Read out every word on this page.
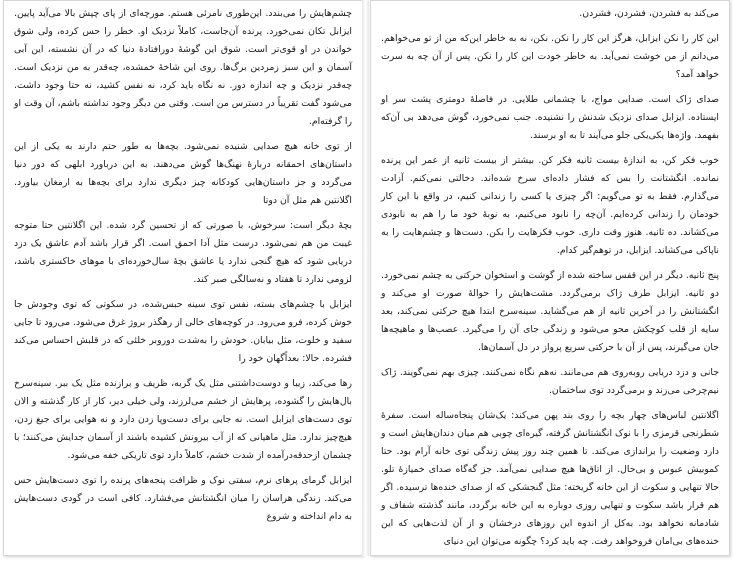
چشم‌هایش را می‌بندد. این‌طوری نامرئی هستم. مورچه‌ای از پای چپش بالا می‌آید پایین. ایزابل تکان نمی‌خورد. پرنده آن‌جاست، کاملاً نزدیک او. خطر را حس کرده، ولی شوق خواندن در او قوی‌تر است. شوق این گوشهٔ دورافتادهٔ دنیا که در آن نشسته، این آبی آسمان و این سبز زمردین برگ‌ها. روی این شاخهٔ خمشده، چه‌قدر به من نزدیک است. چه‌قدر نزدیک و چه اندازه دور. نه نگاه باید کرد، نه نفس کشید، نه حتا وجود داشت. می‌شود گفت تقریباً در دسترس من است. وقتی من دیگر وجود نداشته باشم، آن وقت او را گرفته‌ام.

از توی خانه هیچ صدایی شنیده نمی‌شود. بچه‌ها به طور حتم دارند به یکی از این داستان‌های احمقانه دربارهٔ نهنگ‌ها گوش می‌دهند. به این درباورد ابلهی که دور دنیا می‌گردد و جز داستان‌هایی کودکانه چیز دیگری ندارد برای بچه‌ها به ارمغان بیاورد. اگلانتین هم مثل آن دوتا

بچهٔ دیگر است: سرخوش، با صورتی که از تحسین گرد شده. این اگلانتین حتا متوجه غیبت من هم نمی‌شود. درست مثل آدا احمق است. اگر قرار باشد آدم عاشق یک دزد دریایی شود که هیچ گنجی ندارد یا عاشق بچهٔ سال‌خورده‌ای با موهای خاکستری باشد، لزومی ندارد تا هفتاد و نه‌سالگی صبر کند.

ایزابل با چشم‌های بسته، نفس توی سینه حبس‌شده، در سکوتی که توی وجودش جا خوش کرده، فرو می‌رود. در کوچه‌های خالی از رهگذر بروژ غرق می‌شود. می‌رود تا جایی سفید و خلوت، مثل بیابان. خودش را به‌شدت دوروبر خلئی که در قلبش احساس می‌کند فشرده. حالا: بعداًگهان خود را

رها می‌کند، زیبا و دوست‌داشتنی مثل یک گربه، ظریف و برازنده مثل یک ببر. سینه‌سرخ بال‌هایش را گشوده، پرهایش از خشم می‌لرزند، ولی خیلی دیر، کار از کار گذشته و الان توی دست‌های ایزابل است. نه جایی برای دست‌وپا زدن دارد و نه هوایی برای جیغ زدن، هیچ‌چیز ندارد. مثل ماهیانی که از آب بیرونش کشیده باشند از آسمان جدایش می‌کنند؛ با چشمان ازحدقه‌درآمده از شدت خشم، کاملاً دارد توی تاریکی خفه می‌شود.

ایزابل گرمای پرهای نرم، سفتی نوک و ظرافت پنجه‌های پرنده را توی دست‌هایش حس می‌کند. زندگی هراسان را میان انگشتانش می‌فشارد. کافی است در گودی دست‌هایش به دام انداخته و شروع

می‌کند به فشردن، فشردن، فشردن.

این کار را نکن ایزابل، هرگز این کار را نکن. نکن، نه به خاطر این‌که من از تو می‌خواهم. می‌دانم از من خوشت نمی‌آید. به خاطر خودت این کار را نکن. پس از آن چه به سرت خواهد آمد؟

صدای ژاک است. صدایی مواج، با چشمانی طلایی. در فاصلهٔ دومتری پشت سر او ایستاده. ایزابل صدای نزدیک شدنش را نشنیده. جنب نمی‌خورد، گوش می‌دهد بی آن‌که بفهمد. واژه‌ها یکی‌یکی جلو می‌آیند تا به او برسند.

خوب فکر کن، به اندازهٔ بیست ثانیه فکر کن. بیشتر از بیست ثانیه از عمر این پرنده نمانده. انگشتانت را بس که فشار داده‌ای سرخ شده‌اند. دخالتی نمی‌کنم. آزادت می‌گذارم. فقط به تو می‌گویم: اگر چیزی یا کسی را زندانی کنیم، در واقع با این کار خودمان را زندانی کرده‌ایم. آن‌چه را نابود می‌کنیم، به نوبهٔ خود ما را هم به نابودی می‌کشاند. ده ثانیه. هنوز وقت داری. خوب فکرهایت را بکن. دست‌ها و چشم‌هایت را به ناپاکی می‌کشاند. ایزابل، در توهم‌گیر کدام.

پنج ثانیه. دیگر در این قفس ساخته شده از گوشت و استخوان حرکتی به چشم نمی‌خورد. دو ثانیه. ایزابل طرف ژاک برمی‌گردد. مشت‌هایش را حوالهٔ صورت او می‌کند و انگشتانش را در آخرین ثانیه از هم می‌گشاید. سینه‌سرخ ابتدا هیچ حرکتی نمی‌کند، بعد سایه از قلب کوچکش محو می‌شود و زندگی جای آن را می‌گیرد. عصب‌ها و ماهیچه‌ها جان می‌گیرند، پس از آن با حرکتی سریع پرواز در دل آسمان‌ها.

جانی و دزد دریایی روبه‌روی هم می‌مانند. نه‌هم نگاه نمی‌کنند. چیزی بهم نمی‌گویند. ژاک نیم‌چرخی می‌زند و برمی‌گردد توی ساختمان.

اگلانتین لباس‌های چهار بچه را روی بند پهن می‌کند: یک‌شان پنجاه‌ساله است. سفرهٔ شطرنجی قرمزی را با نوک انگشتانش گرفته، گیره‌ای چوبی هم میان دندان‌هایش است و دارد وضعیت را براندازی می‌کند. تا همین چند روز پیش زندگی توی خانه آرام بود. حتا کموبیش عبوس و بی‌حال. از اتاق‌ها هیچ صدایی نمی‌آمد. جز گه‌گاه صدای خمیازهٔ تلو. حالا تنهایی و سکوت از این خانه گریخته‌: مثل گنجشکی که از صدای خنده‌ها ترسیده. اگر هم قرار باشد سکوت و تنهایی روزی دوباره به این خانه برگردد، مانند گذشته شفاف و شادمانه نخواهد بود. به‌کل از اندوه این روزهای درخشان و از آن لذت‌هایی که این خنده‌های بی‌امان فروخواهد رفت. چه باید کرد؟ چگونه می‌توان این دنیای
